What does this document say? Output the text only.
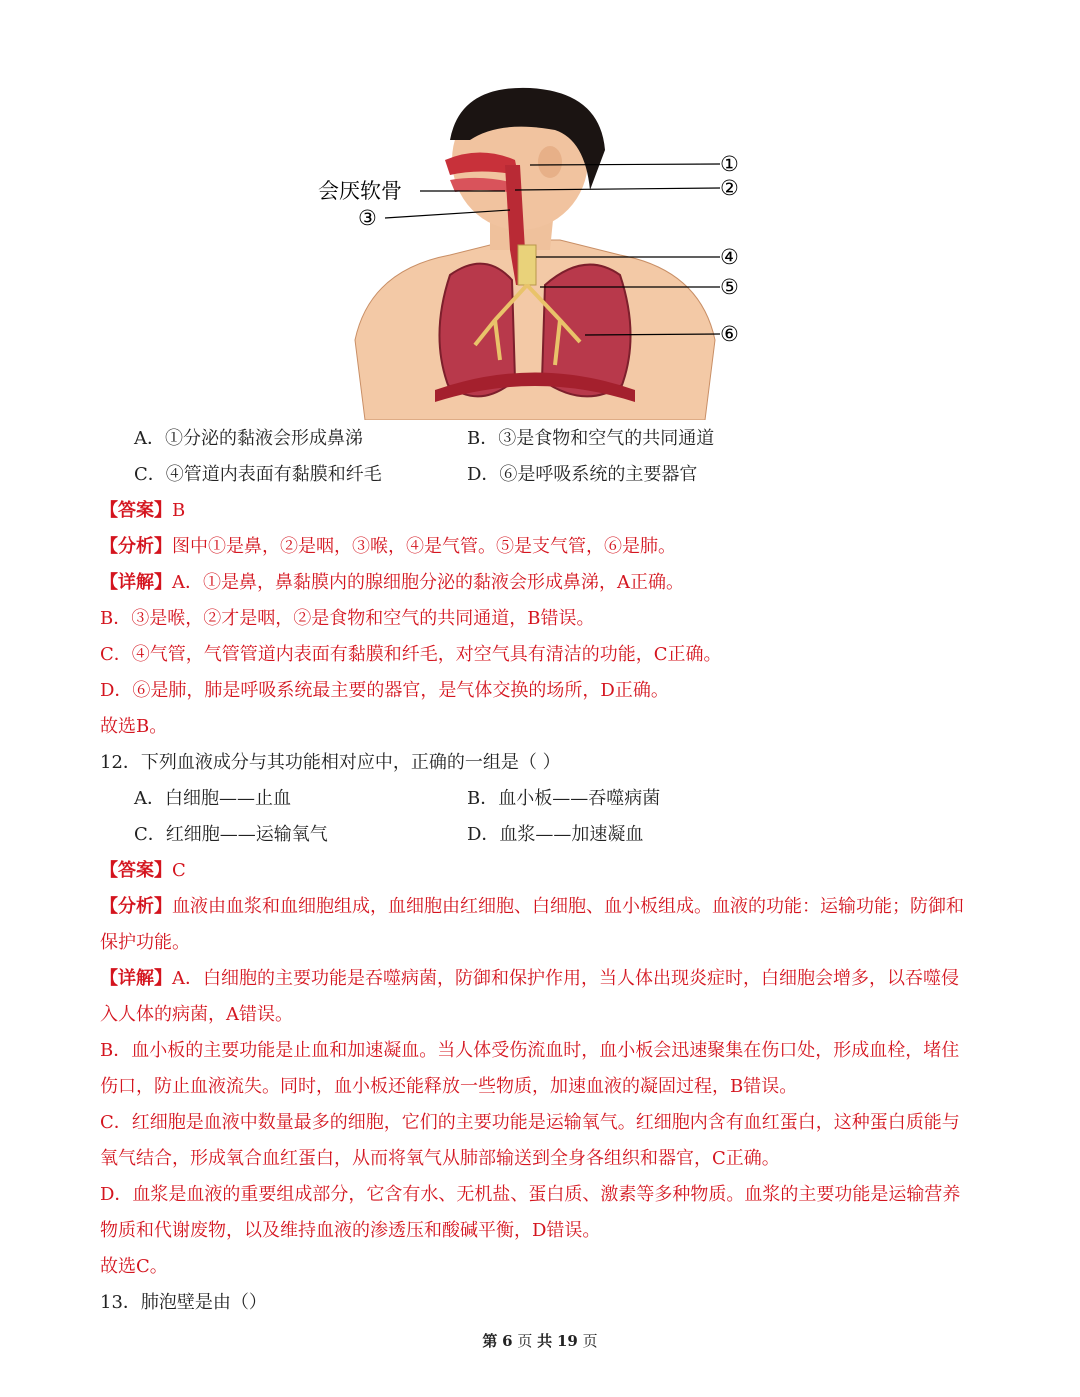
会厌软骨
①
②
③
④
⑤
⑥
A．①分泌的黏液会形成鼻涕	B．③是食物和空气的共同通道
C．④管道内表面有黏膜和纤毛	D．⑥是呼吸系统的主要器官
【答案】B
【分析】图中①是鼻，②是咽，③喉，④是气管。⑤是支气管，⑥是肺。
【详解】A．①是鼻，鼻黏膜内的腺细胞分泌的黏液会形成鼻涕，A正确。
B．③是喉，②才是咽，②是食物和空气的共同通道，B错误。
C．④气管，气管管道内表面有黏膜和纤毛，对空气具有清洁的功能，C正确。
D．⑥是肺，肺是呼吸系统最主要的器官，是气体交换的场所，D正确。
故选B。
12．下列血液成分与其功能相对应中，正确的一组是（ ）
A．白细胞——止血	B．血小板——吞噬病菌
C．红细胞——运输氧气	D．血浆——加速凝血
【答案】C
【分析】血液由血浆和血细胞组成，血细胞由红细胞、白细胞、血小板组成。血液的功能：运输功能；防御和保护功能。
【详解】A．白细胞的主要功能是吞噬病菌，防御和保护作用，当人体出现炎症时，白细胞会增多，以吞噬侵入人体的病菌，A错误。
B．血小板的主要功能是止血和加速凝血。当人体受伤流血时，血小板会迅速聚集在伤口处，形成血栓，堵住伤口，防止血液流失。同时，血小板还能释放一些物质，加速血液的凝固过程，B错误。
C．红细胞是血液中数量最多的细胞，它们的主要功能是运输氧气。红细胞内含有血红蛋白，这种蛋白质能与氧气结合，形成氧合血红蛋白，从而将氧气从肺部输送到全身各组织和器官，C正确。
D．血浆是血液的重要组成部分，它含有水、无机盐、蛋白质、激素等多种物质。血浆的主要功能是运输营养物质和代谢废物，以及维持血液的渗透压和酸碱平衡，D错误。
故选C。
13．肺泡壁是由（）
第 6 页 共 19 页
